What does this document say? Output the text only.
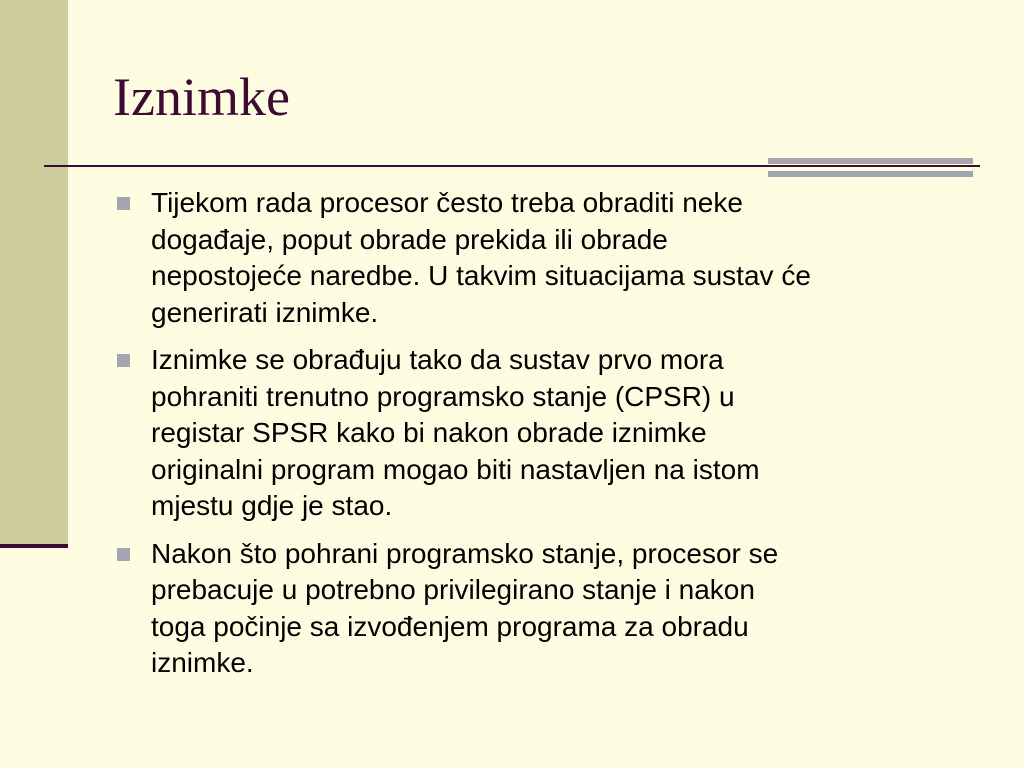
Iznimke
Tijekom rada procesor često treba obraditi neke
događaje, poput obrade prekida ili obrade
nepostojeće naredbe. U takvim situacijama sustav će
generirati iznimke.
Iznimke se obrađuju tako da sustav prvo mora
pohraniti trenutno programsko stanje (CPSR) u
registar SPSR kako bi nakon obrade iznimke
originalni program mogao biti nastavljen na istom
mjestu gdje je stao.
Nakon što pohrani programsko stanje, procesor se
prebacuje u potrebno privilegirano stanje i nakon
toga počinje sa izvođenjem programa za obradu
iznimke.
